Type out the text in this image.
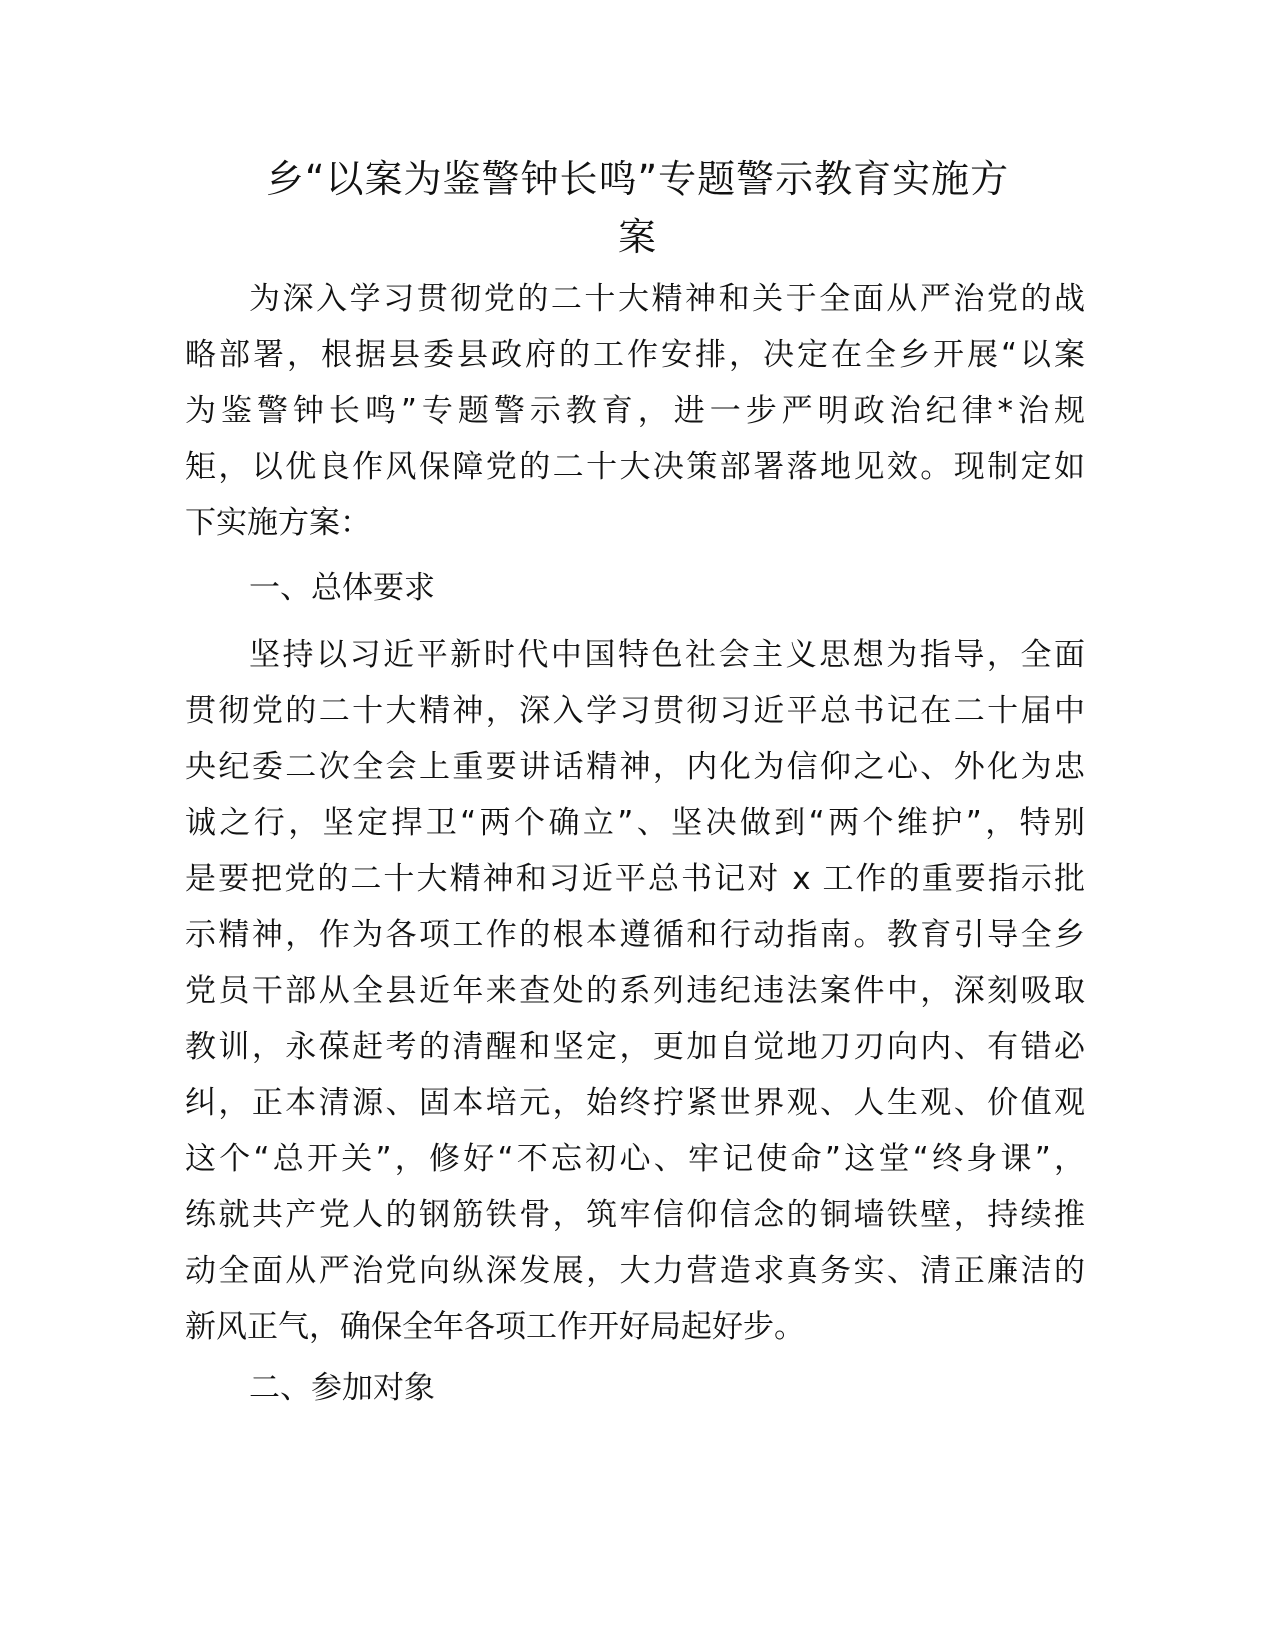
乡“以案为鉴警钟长鸣”专题警示教育实施方
案
为深入学习贯彻党的二十大精神和关于全面从严治党的战
略部署，根据县委县政府的工作安排，决定在全乡开展“以案
为鉴警钟长鸣”专题警示教育，进一步严明政治纪律*治规
矩，以优良作风保障党的二十大决策部署落地见效。现制定如
下实施方案：
一、总体要求
坚持以习近平新时代中国特色社会主义思想为指导，全面
贯彻党的二十大精神，深入学习贯彻习近平总书记在二十届中
央纪委二次全会上重要讲话精神，内化为信仰之心、外化为忠
诚之行，坚定捍卫“两个确立”、坚决做到“两个维护”，特别
是要把党的二十大精神和习近平总书记对 x 工作的重要指示批
示精神，作为各项工作的根本遵循和行动指南。教育引导全乡
党员干部从全县近年来查处的系列违纪违法案件中，深刻吸取
教训，永葆赶考的清醒和坚定，更加自觉地刀刃向内、有错必
纠，正本清源、固本培元，始终拧紧世界观、人生观、价值观
这个“总开关”，修好“不忘初心、牢记使命”这堂“终身课”，
练就共产党人的钢筋铁骨，筑牢信仰信念的铜墙铁壁，持续推
动全面从严治党向纵深发展，大力营造求真务实、清正廉洁的
新风正气，确保全年各项工作开好局起好步。
二、参加对象
